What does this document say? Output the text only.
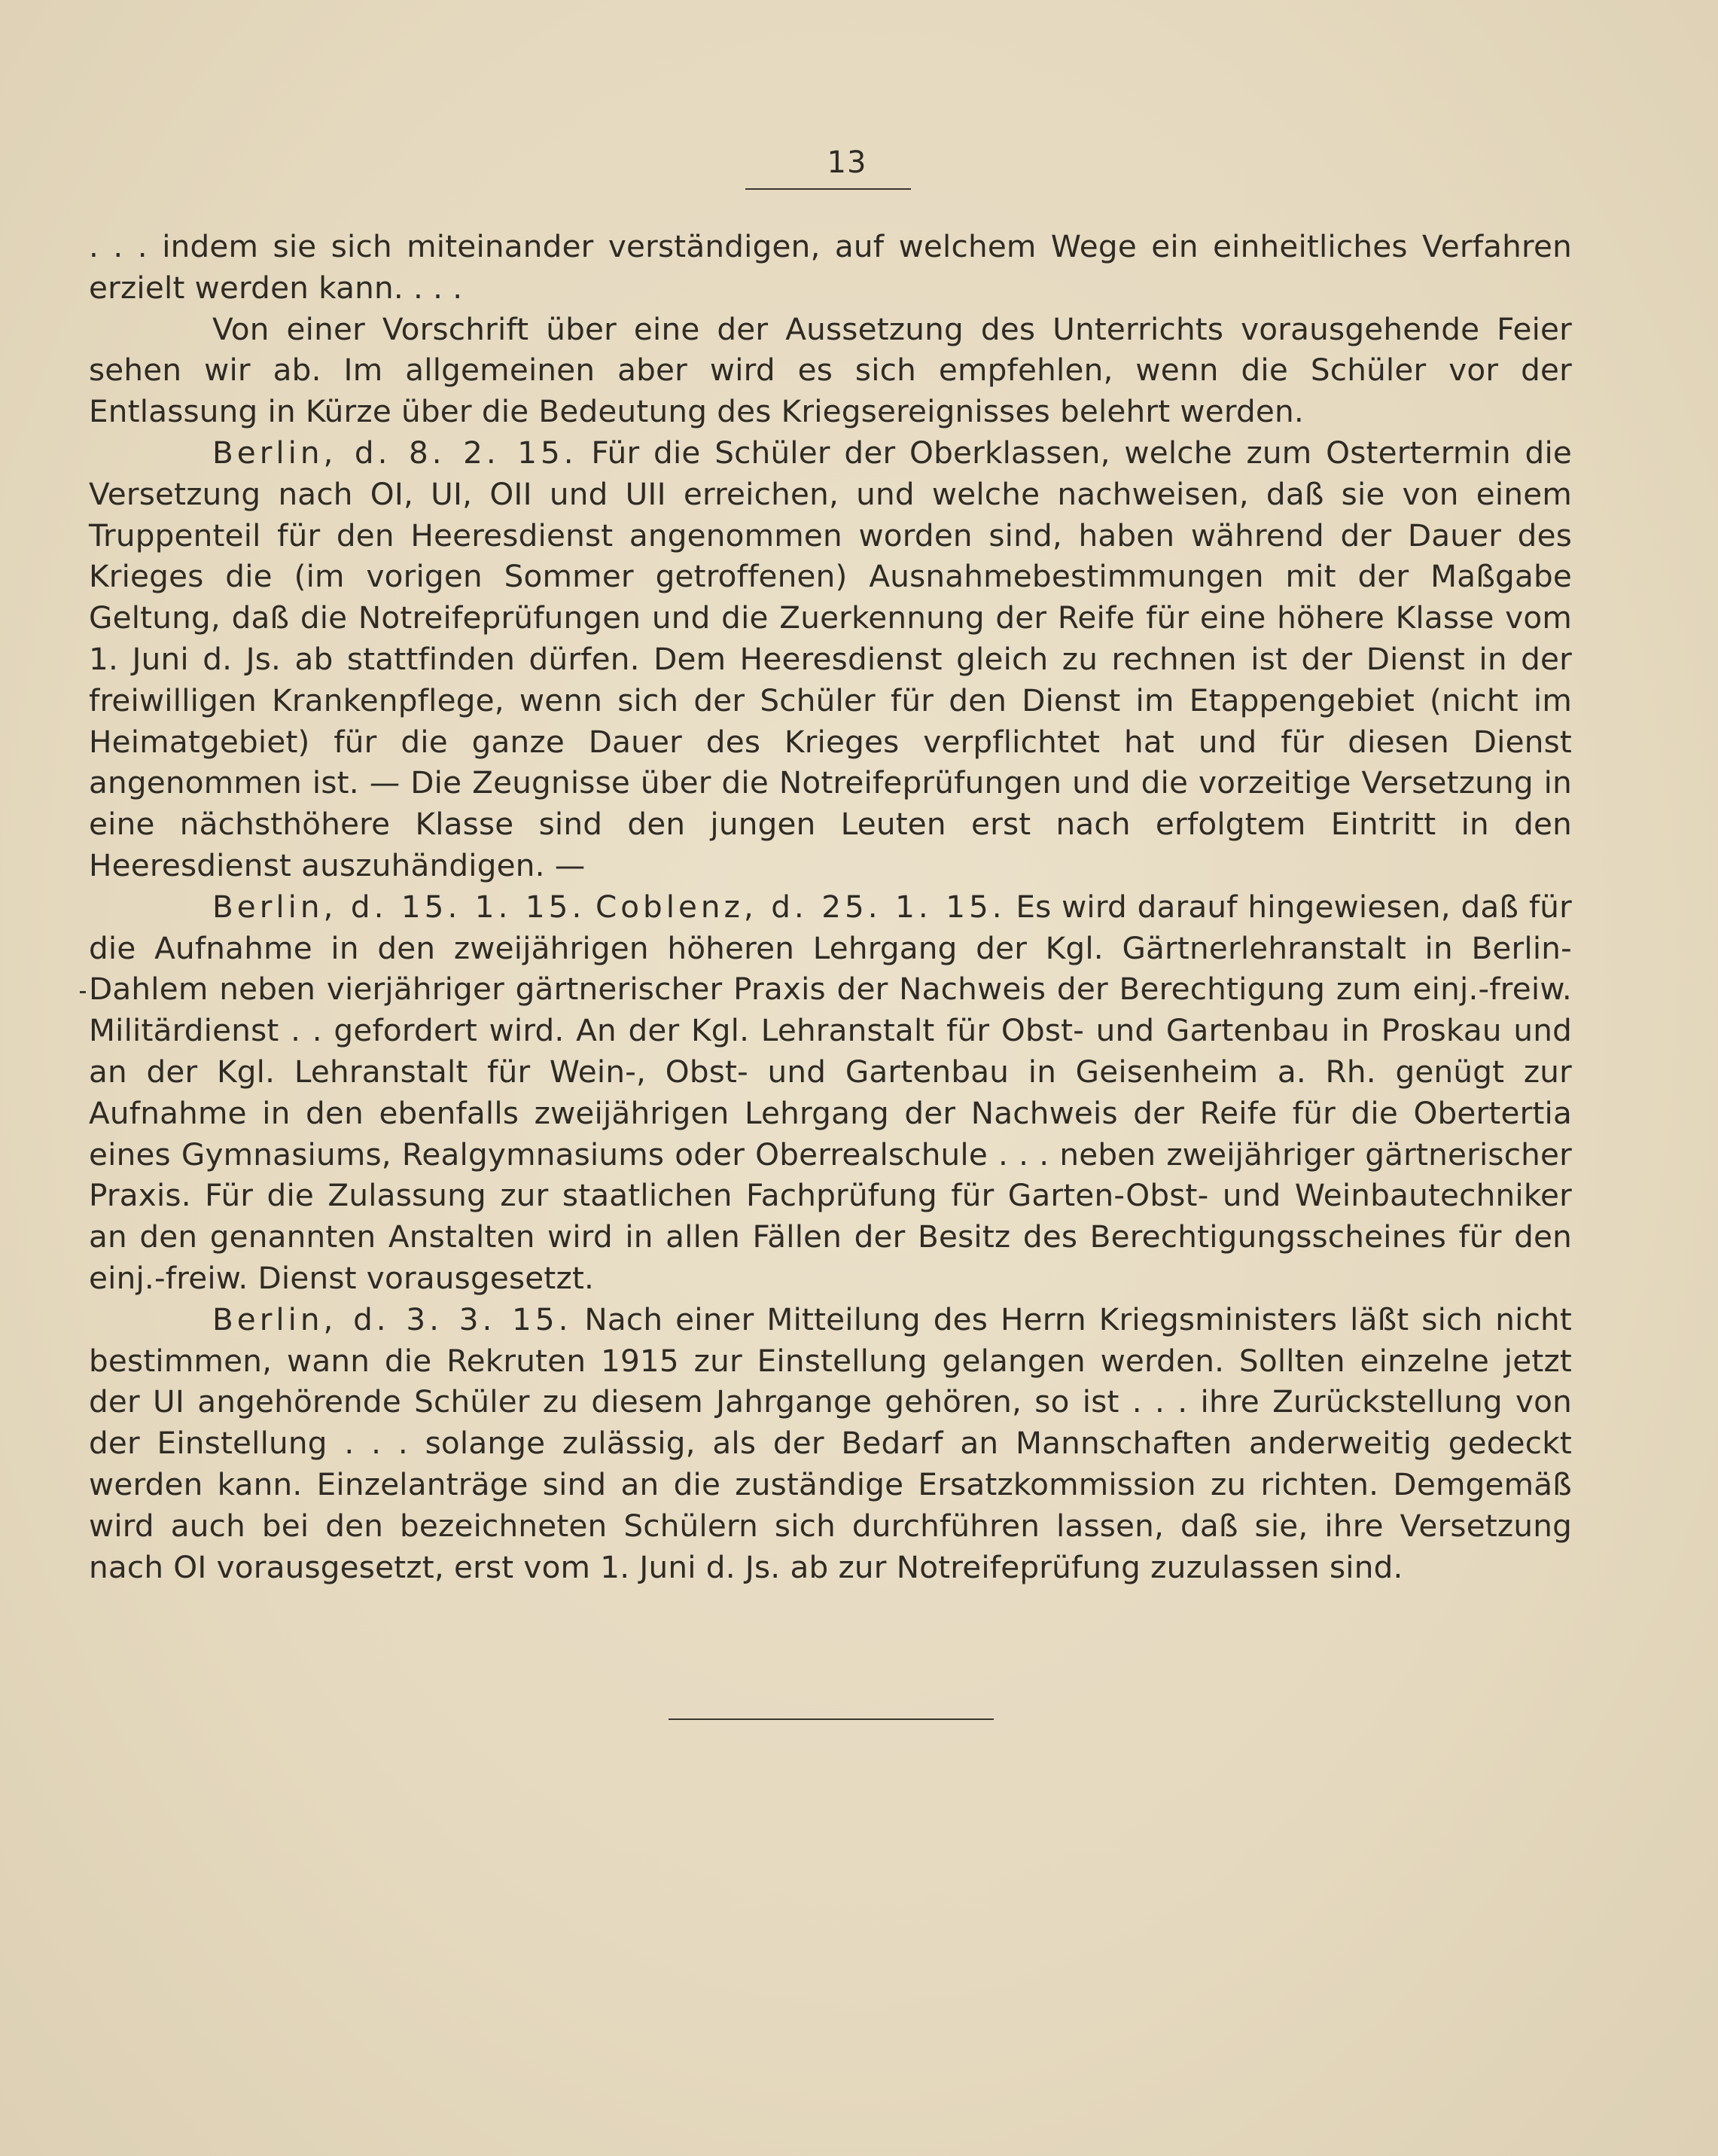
13

. . . indem sie sich miteinander verständigen, auf welchem Wege ein einheitliches Verfahren erzielt werden kann. . . .

Von einer Vorschrift über eine der Aussetzung des Unterrichts vorausgehende Feier sehen wir ab. Im allgemeinen aber wird es sich empfehlen, wenn die Schüler vor der Entlassung in Kürze über die Bedeutung des Kriegsereignisses belehrt werden.

Berlin, d. 8. 2. 15. Für die Schüler der Oberklassen, welche zum Ostertermin die Versetzung nach OI, UI, OII und UII erreichen, und welche nachweisen, daß sie von einem Truppenteil für den Heeresdienst angenommen worden sind, haben während der Dauer des Krieges die (im vorigen Sommer getroffenen) Ausnahmebestimmungen mit der Maßgabe Geltung, daß die Notreifeprüfungen und die Zuerkennung der Reife für eine höhere Klasse vom 1. Juni d. Js. ab stattfinden dürfen. Dem Heeresdienst gleich zu rechnen ist der Dienst in der freiwilligen Krankenpflege, wenn sich der Schüler für den Dienst im Etappengebiet (nicht im Heimatgebiet) für die ganze Dauer des Krieges verpflichtet hat und für diesen Dienst angenommen ist. — Die Zeugnisse über die Notreifeprüfungen und die vorzeitige Versetzung in eine nächsthöhere Klasse sind den jungen Leuten erst nach erfolgtem Eintritt in den Heeresdienst auszuhändigen. —

Berlin, d. 15. 1. 15. Coblenz, d. 25. 1. 15. Es wird darauf hingewiesen, daß für die Aufnahme in den zweijährigen höheren Lehrgang der Kgl. Gärtnerlehranstalt in Berlin-Dahlem neben vierjähriger gärtnerischer Praxis der Nachweis der Berechtigung zum einj.-freiw. Militärdienst . . gefordert wird. An der Kgl. Lehranstalt für Obst- und Gartenbau in Proskau und an der Kgl. Lehranstalt für Wein-, Obst- und Gartenbau in Geisenheim a. Rh. genügt zur Aufnahme in den ebenfalls zweijährigen Lehrgang der Nachweis der Reife für die Obertertia eines Gymnasiums, Realgymnasiums oder Oberrealschule . . . neben zweijähriger gärtnerischer Praxis. Für die Zulassung zur staatlichen Fachprüfung für Garten-Obst- und Weinbautechniker an den genannten Anstalten wird in allen Fällen der Besitz des Berechtigungsscheines für den einj.-freiw. Dienst vorausgesetzt.

Berlin, d. 3. 3. 15. Nach einer Mitteilung des Herrn Kriegsministers läßt sich nicht bestimmen, wann die Rekruten 1915 zur Einstellung gelangen werden. Sollten einzelne jetzt der UI angehörende Schüler zu diesem Jahrgange gehören, so ist . . . ihre Zurückstellung von der Einstellung . . . solange zulässig, als der Bedarf an Mannschaften anderweitig gedeckt werden kann. Einzelanträge sind an die zuständige Ersatzkommission zu richten. Demgemäß wird auch bei den bezeichneten Schülern sich durchführen lassen, daß sie, ihre Versetzung nach OI vorausgesetzt, erst vom 1. Juni d. Js. ab zur Notreifeprüfung zuzulassen sind.
